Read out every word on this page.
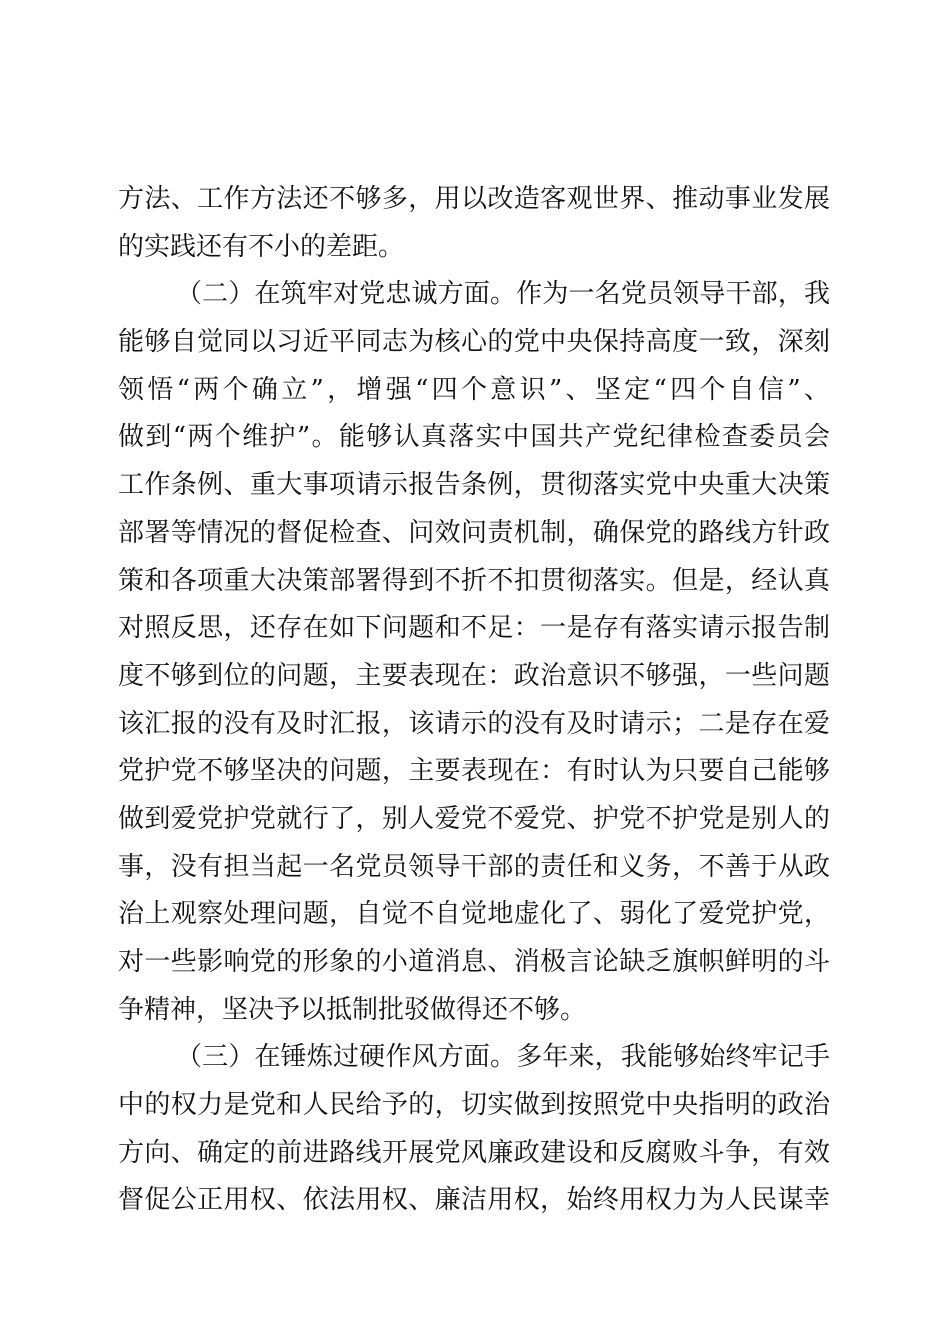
方法、工作方法还不够多，用以改造客观世界、推动事业发展
的实践还有不小的差距。
（二）在筑牢对党忠诚方面。作为一名党员领导干部，我
能够自觉同以习近平同志为核心的党中央保持高度一致，深刻
领悟“两个确立”，增强“四个意识”、坚定“四个自信”、
做到“两个维护”。能够认真落实中国共产党纪律检查委员会
工作条例、重大事项请示报告条例，贯彻落实党中央重大决策
部署等情况的督促检查、问效问责机制，确保党的路线方针政
策和各项重大决策部署得到不折不扣贯彻落实。但是，经认真
对照反思，还存在如下问题和不足：一是存有落实请示报告制
度不够到位的问题，主要表现在：政治意识不够强，一些问题
该汇报的没有及时汇报，该请示的没有及时请示；二是存在爱
党护党不够坚决的问题，主要表现在：有时认为只要自己能够
做到爱党护党就行了，别人爱党不爱党、护党不护党是别人的
事，没有担当起一名党员领导干部的责任和义务，不善于从政
治上观察处理问题，自觉不自觉地虚化了、弱化了爱党护党，
对一些影响党的形象的小道消息、消极言论缺乏旗帜鲜明的斗
争精神，坚决予以抵制批驳做得还不够。
（三）在锤炼过硬作风方面。多年来，我能够始终牢记手
中的权力是党和人民给予的，切实做到按照党中央指明的政治
方向、确定的前进路线开展党风廉政建设和反腐败斗争，有效
督促公正用权、依法用权、廉洁用权，始终用权力为人民谋幸
